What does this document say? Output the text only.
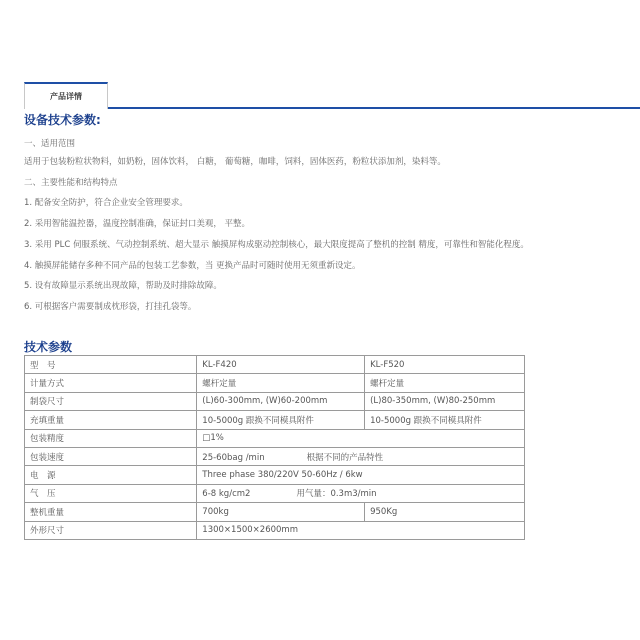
产品详情
设备技术参数:
一、适用范围
适用于包装粉粒状物料，如奶粉，固体饮料， 白糖， 葡萄糖，咖啡，饲料，固体医药，粉粒状添加剂，染料等。
二、主要性能和结构特点
1. 配备安全防护，符合企业安全管理要求。
2. 采用智能温控器，温度控制准确，保证封口美观， 平整。
3. 采用 PLC 伺服系统、气动控制系统、超大显示 触摸屏构成驱动控制核心，最大限度提高了整机的控制 精度，可靠性和智能化程度。
4. 触摸屏能储存多种不同产品的包装工艺参数，当 更换产品时可随时使用无须重新设定。
5. 设有故障显示系统出现故障，帮助及时排除故障。
6. 可根据客户需要制成枕形袋，打挂孔袋等。
技术参数
型　号	KL-F420	KL-F520
计量方式	螺杆定量	螺杆定量
制袋尺寸	(L)60-300mm, (W)60-200mm	(L)80-350mm, (W)80-250mm
充填重量	10-5000g 跟换不同模具附件	10-5000g 跟换不同模具附件
包装精度	□1%	
包装速度	25-60bag /min 根据不同的产品特性	
电　源	Three phase 380/220V 50-60Hz / 6kw	
气　压	6-8 kg/cm2 用气量：0.3m3/min	
整机重量	700kg	950Kg
外形尺寸	1300×1500×2600mm	
